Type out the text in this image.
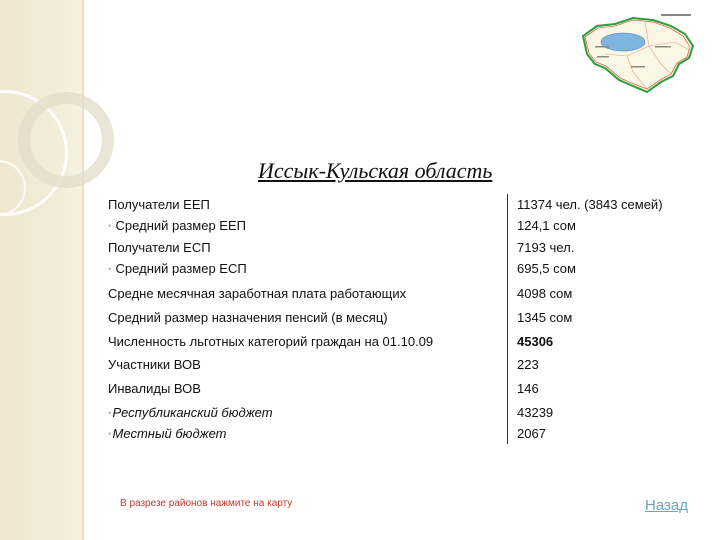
Иссык-Кульская область
Получатели ЕЕП	11374 чел. (3843 семей)
▪ Средний размер ЕЕП	124,1 сом
Получатели ЕСП	7193 чел.
▪ Средний размер ЕСП	695,5 сом
Средне месячная заработная плата работающих	4098 сом
Средний размер назначения пенсий (в месяц)	1345 сом
Численность льготных категорий граждан на 01.10.09	45306
Участники ВОВ	223
Инвалиды ВОВ	146
▪ Республиканский бюджет	43239
▪ Местный бюджет	2067
В разрезе районов нажмите на карту	Назад
